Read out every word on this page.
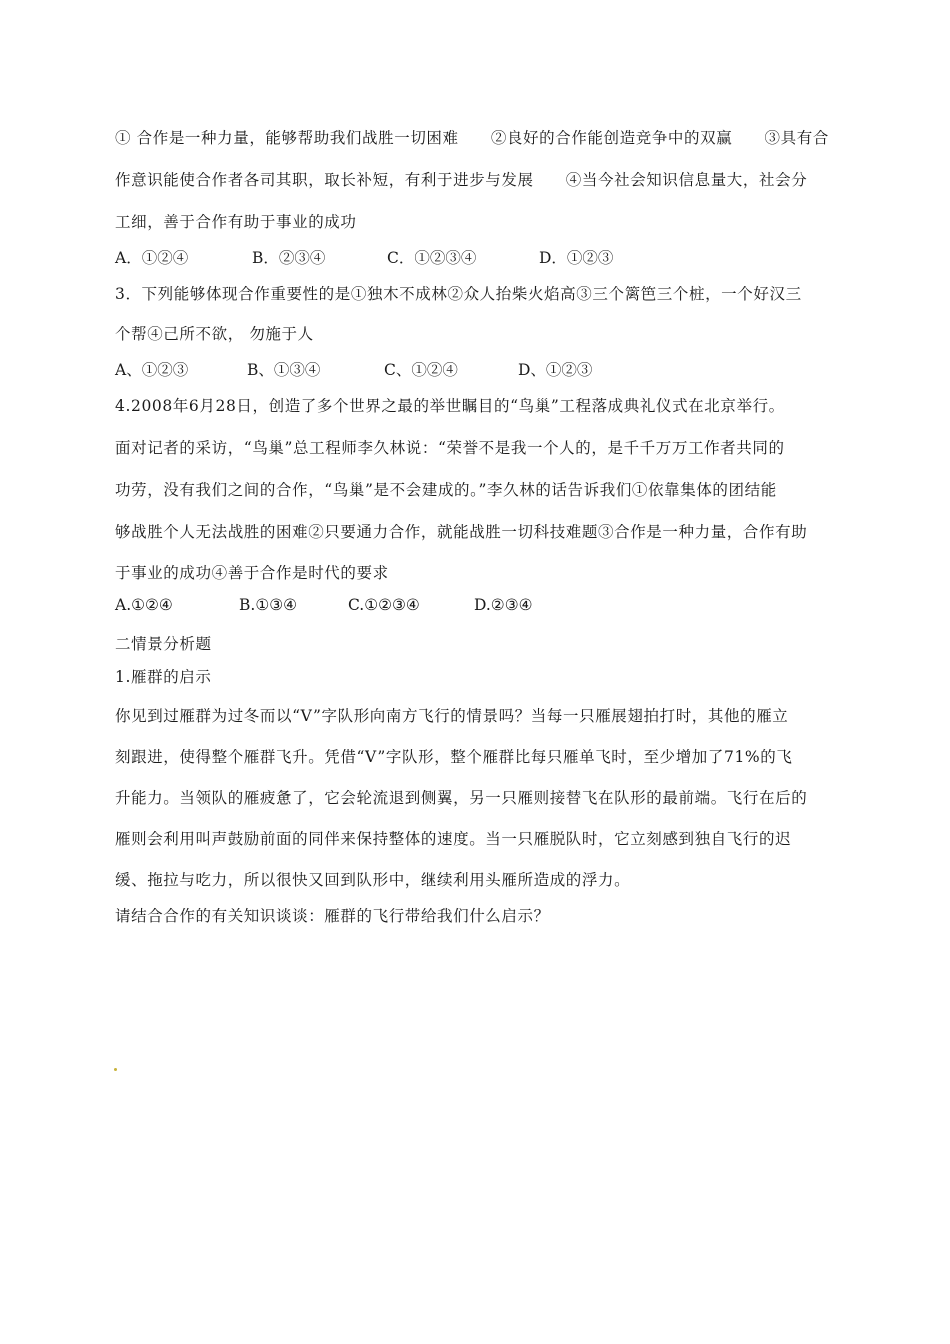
① 合作是一种力量，能够帮助我们战胜一切困难　　②良好的合作能创造竞争中的双赢　　③具有合
作意识能使合作者各司其职，取长补短，有利于进步与发展　　④当今社会知识信息量大，社会分
工细，善于合作有助于事业的成功
A．①②④	B．②③④	C．①②③④	D．①②③
3．下列能够体现合作重要性的是①独木不成林②众人抬柴火焰高③三个篱笆三个桩，一个好汉三
个帮④己所不欲， 勿施于人
A、①②③	B、①③④	C、①②④	D、①②③
4.2008年6月28日，创造了多个世界之最的举世瞩目的“鸟巢”工程落成典礼仪式在北京举行。
面对记者的采访，“鸟巢”总工程师李久林说：“荣誉不是我一个人的，是千千万万工作者共同的
功劳，没有我们之间的合作，“鸟巢”是不会建成的。”李久林的话告诉我们①依靠集体的团结能
够战胜个人无法战胜的困难②只要通力合作，就能战胜一切科技难题③合作是一种力量，合作有助
于事业的成功④善于合作是时代的要求
A.①②④	B.①③④	C.①②③④	D.②③④
二情景分析题
1.雁群的启示
你见到过雁群为过冬而以“V”字队形向南方飞行的情景吗？当每一只雁展翅拍打时，其他的雁立
刻跟进，使得整个雁群飞升。凭借“V”字队形，整个雁群比每只雁单飞时，至少增加了71%的飞
升能力。当领队的雁疲惫了，它会轮流退到侧翼，另一只雁则接替飞在队形的最前端。飞行在后的
雁则会利用叫声鼓励前面的同伴来保持整体的速度。当一只雁脱队时，它立刻感到独自飞行的迟
缓、拖拉与吃力，所以很快又回到队形中，继续利用头雁所造成的浮力。
请结合合作的有关知识谈谈：雁群的飞行带给我们什么启示？
